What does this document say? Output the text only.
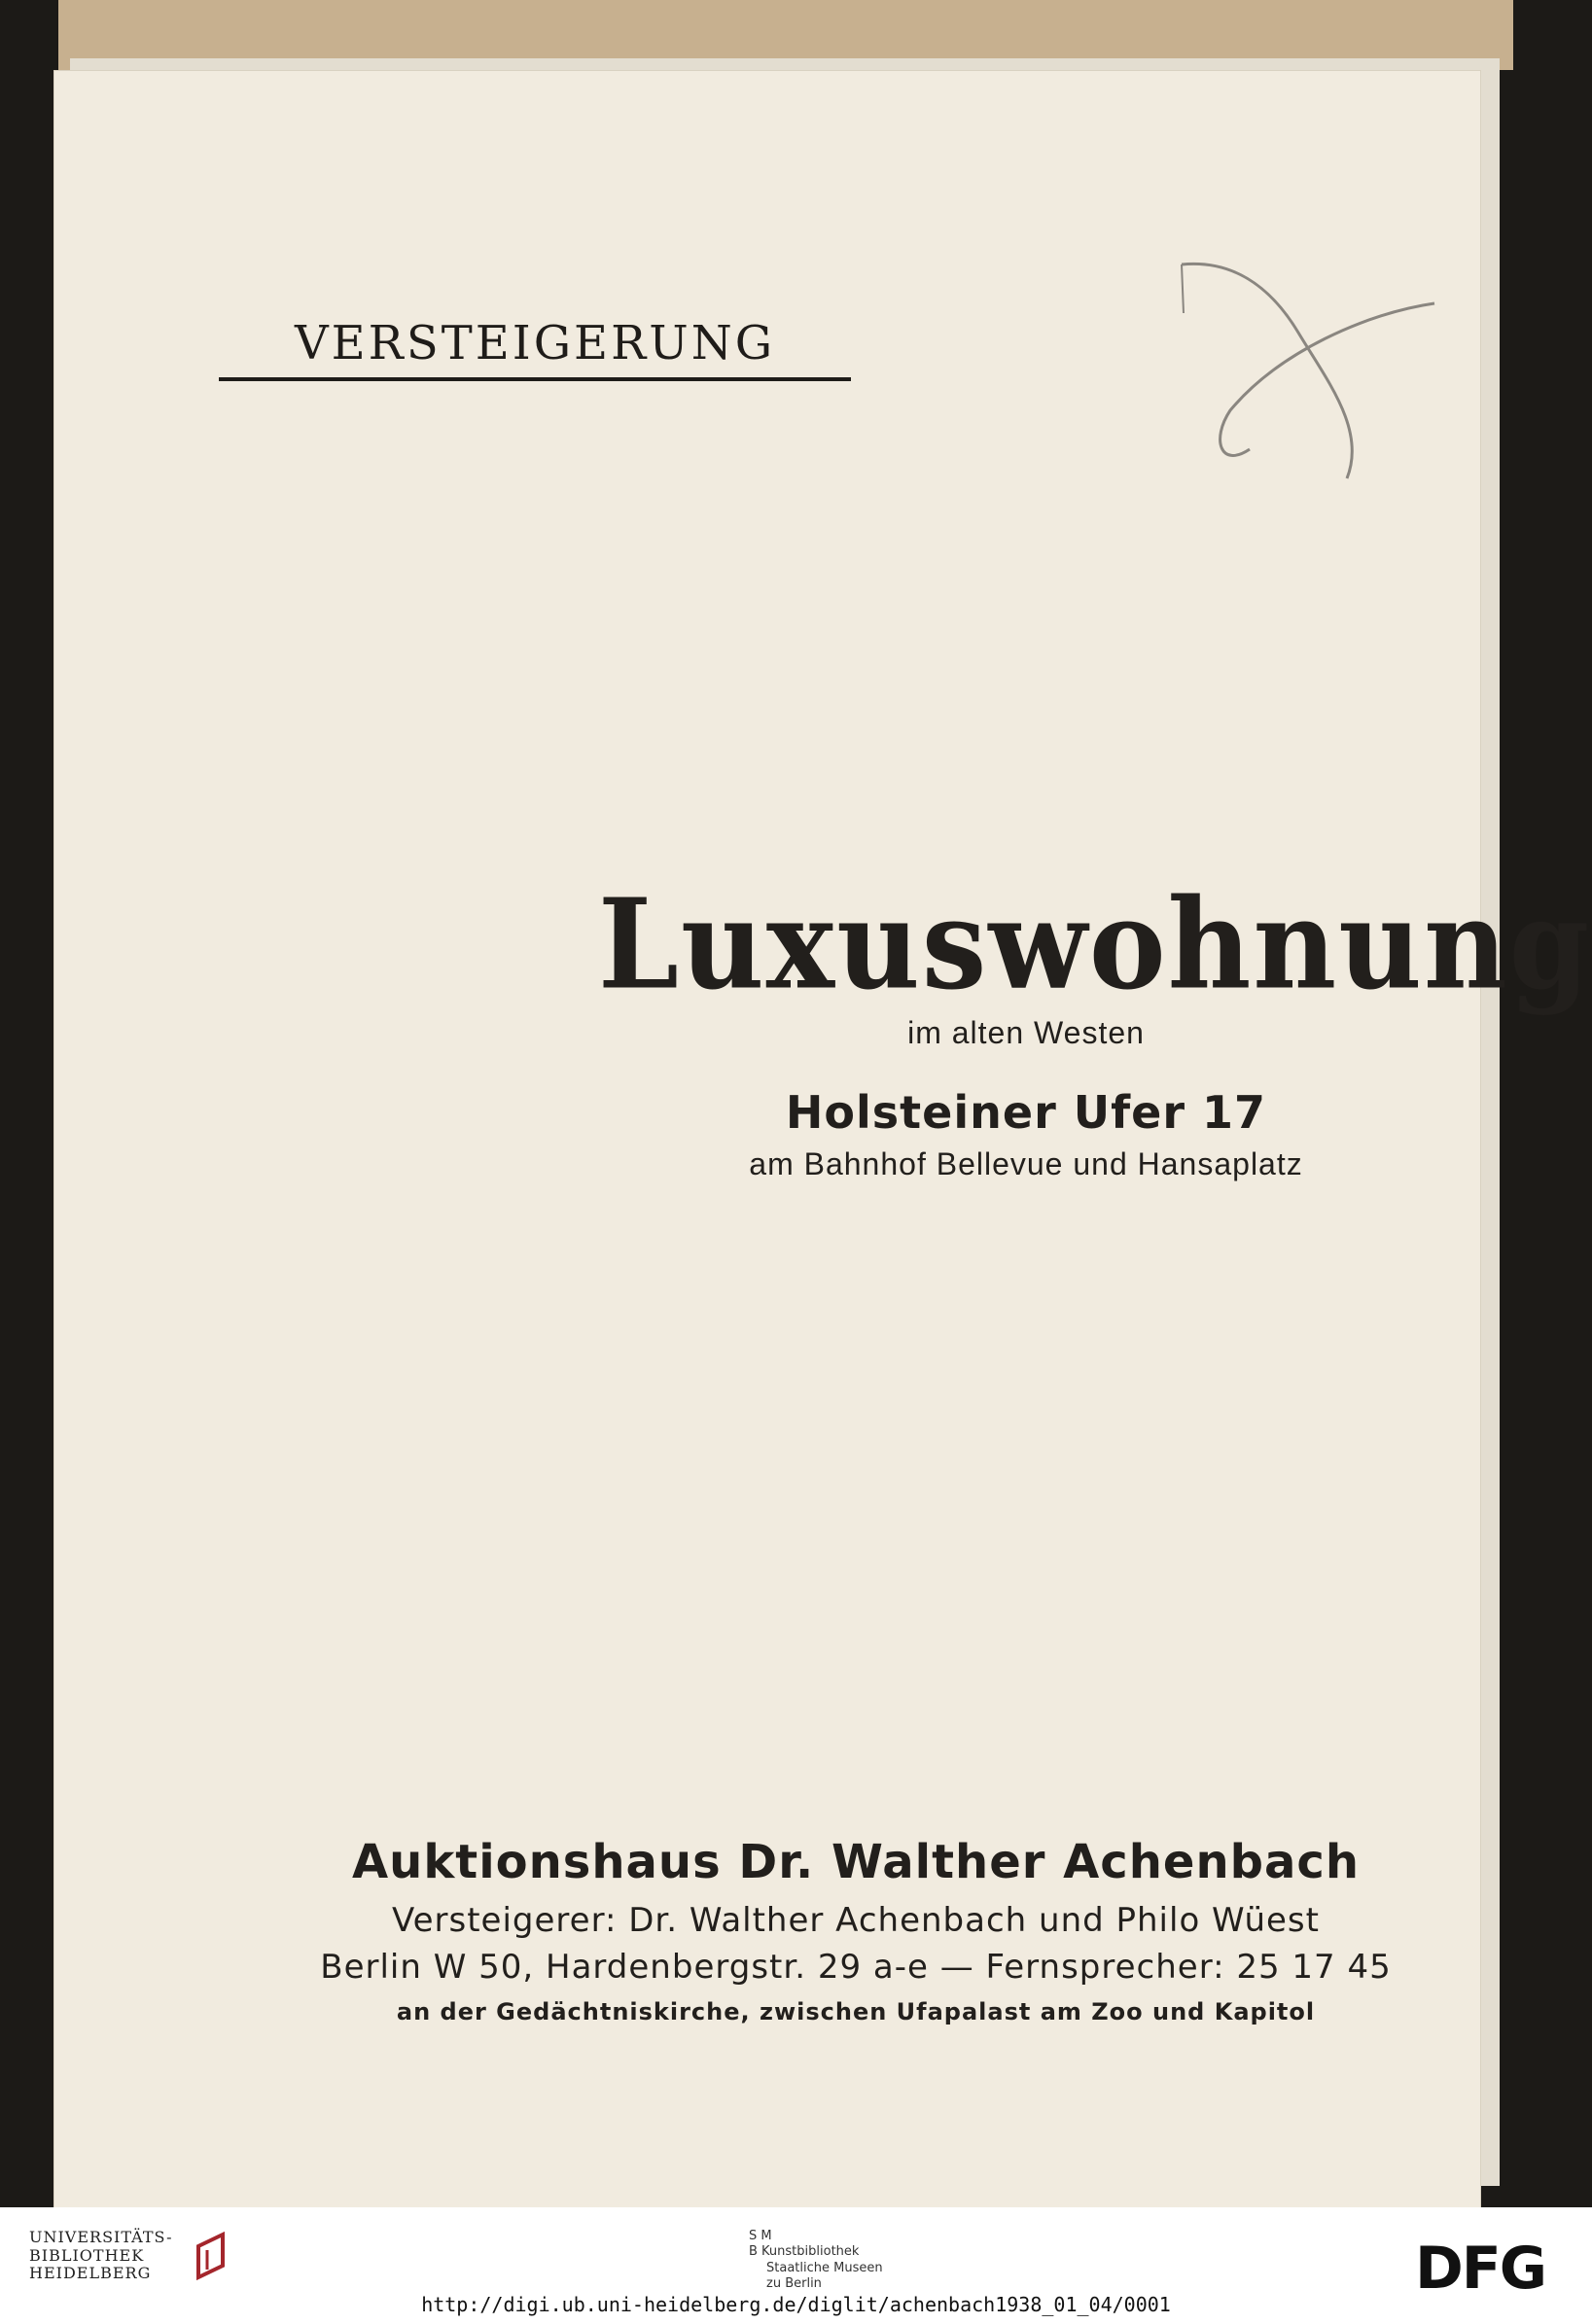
VERSTEIGERUNG
Luxuswohnung
im alten Westen
Holsteiner Ufer 17
am Bahnhof Bellevue und Hansaplatz
Auktionshaus Dr. Walther Achenbach
Versteigerer: Dr. Walther Achenbach und Philo Wüest
Berlin W 50, Hardenbergstr. 29 a-e — Fernsprecher: 25 17 45
an der Gedächtniskirche, zwischen Ufapalast am Zoo und Kapitol
UNIVERSITÄTS-
BIBLIOTHEK
HEIDELBERG
S M
B Kunstbibliothek
Staatliche Museen
zu Berlin	DFG
http://digi.ub.uni-heidelberg.de/diglit/achenbach1938_01_04/0001
